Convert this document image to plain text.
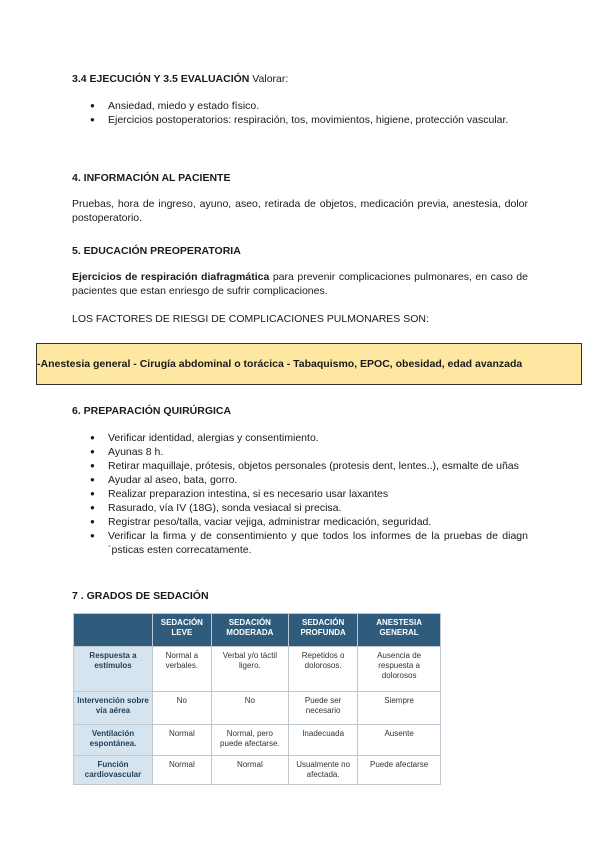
3.4 EJECUCIÓN Y 3.5 EVALUACIÓN Valorar:
● Ansiedad, miedo y estado físico.
● Ejercicios postoperatorios: respiración, tos, movimientos, higiene, protección vascular.
4. INFORMACIÓN AL PACIENTE
Pruebas, hora de ingreso, ayuno, aseo, retirada de objetos, medicación previa, anestesia, dolor postoperatorio.
5. EDUCACIÓN PREOPERATORIA
Ejercicios de respiración diafragmática para prevenir complicaciones pulmonares, en caso de pacientes que estan enriesgo de sufrir complicaciones.
LOS FACTORES DE RIESGI DE COMPLICACIONES PULMONARES SON:
-Anestesia general - Cirugía abdominal o torácica - Tabaquismo, EPOC, obesidad, edad avanzada
6. PREPARACIÓN QUIRÚRGICA
● Verificar identidad, alergias y consentimiento.
● Ayunas 8 h.
● Retirar maquillaje, prótesis, objetos personales (protesis dent, lentes..), esmalte de uñas
● Ayudar al aseo, bata, gorro.
● Realizar preparazion intestina, si es necesario usar laxantes
● Rasurado, vía IV (18G), sonda vesiacal si precisa.
● Registrar peso/talla, vaciar vejiga, administrar medicación, seguridad.
● Verificar la firma y de consentimiento y que todos los informes de la pruebas de diagn´psticas esten correcatamente.
7 . GRADOS DE SEDACIÓN
	SEDACIÓN LEVE	SEDACIÓN MODERADA	SEDACIÓN PROFUNDA	ANESTESIA GENERAL
Respuesta a estímulos	Normal a verbales.	Verbal y/o táctil ligero.	Repetidos o dolorosos.	Ausencia de respuesta a dolorosos
Intervención sobre vía aérea	No	No	Puede ser necesario	Siempre
Ventilación espontánea.	Normal	Normal, pero puede afectarse.	Inadecuada	Ausente
Función cardiovascular	Normal	Normal	Usualmente no afectada.	Puede afectarse
